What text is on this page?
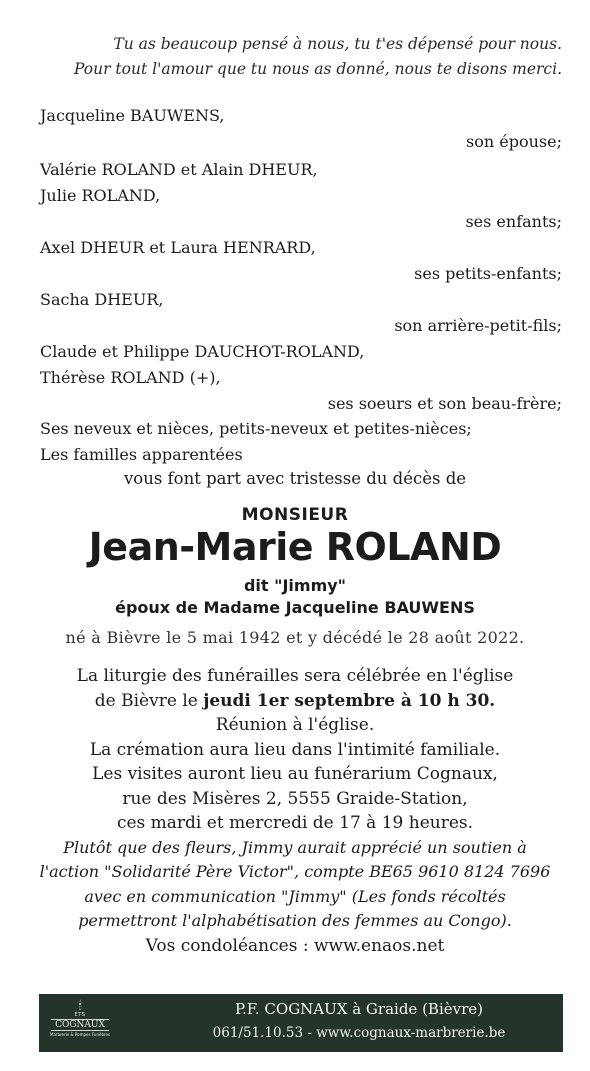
Tu as beaucoup pensé à nous, tu t'es dépensé pour nous.
Pour tout l'amour que tu nous as donné, nous te disons merci.
Jacqueline BAUWENS,
son épouse;
Valérie ROLAND et Alain DHEUR,
Julie ROLAND,
ses enfants;
Axel DHEUR et Laura HENRARD,
ses petits-enfants;
Sacha DHEUR,
son arrière-petit-fils;
Claude et Philippe DAUCHOT-ROLAND,
Thérèse ROLAND (+),
ses soeurs et son beau-frère;
Ses neveux et nièces, petits-neveux et petites-nièces;
Les familles apparentées
vous font part avec tristesse du décès de
MONSIEUR
Jean-Marie ROLAND
dit "Jimmy"
époux de Madame Jacqueline BAUWENS
né à Bièvre le 5 mai 1942 et y décédé le 28 août 2022.
La liturgie des funérailles sera célébrée en l'église
de Bièvre le jeudi 1er septembre à 10 h 30.
Réunion à l'église.
La crémation aura lieu dans l'intimité familiale.
Les visites auront lieu au funérarium Cognaux,
rue des Misères 2, 5555 Graide-Station,
ces mardi et mercredi de 17 à 19 heures.
Plutôt que des fleurs, Jimmy aurait apprécié un soutien à
l'action "Solidarité Père Victor", compte BE65 9610 8124 7696
avec en communication "Jimmy" (Les fonds récoltés
permettront l'alphabétisation des femmes au Congo).
Vos condoléances : www.enaos.net
🕯
ETS
COGNAUX
Marbrerie & Pompes Funèbres
P.F. COGNAUX à Graide (Bièvre)
061/51.10.53 - www.cognaux-marbrerie.be
